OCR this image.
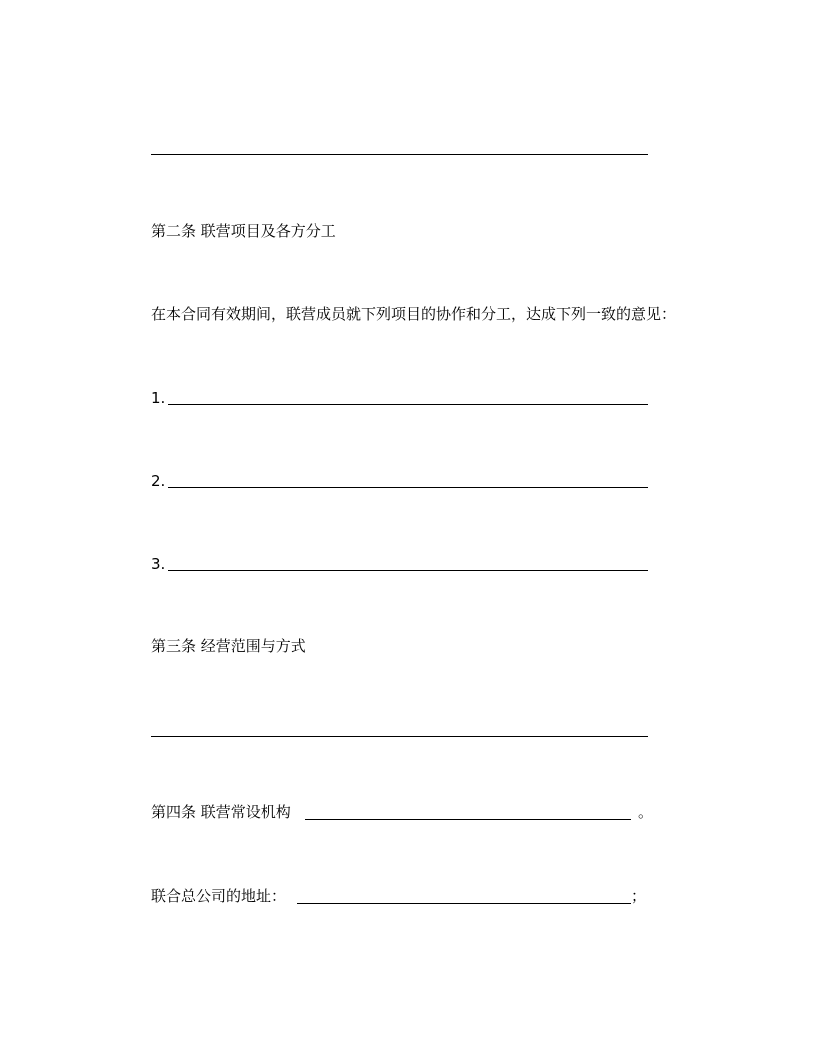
第二条 联营项目及各方分工
在本合同有效期间，联营成员就下列项目的协作和分工，达成下列一致的意见：
1.
2.
3.
第三条 经营范围与方式
第四条 联营常设机构	。
联合总公司的地址：	；
